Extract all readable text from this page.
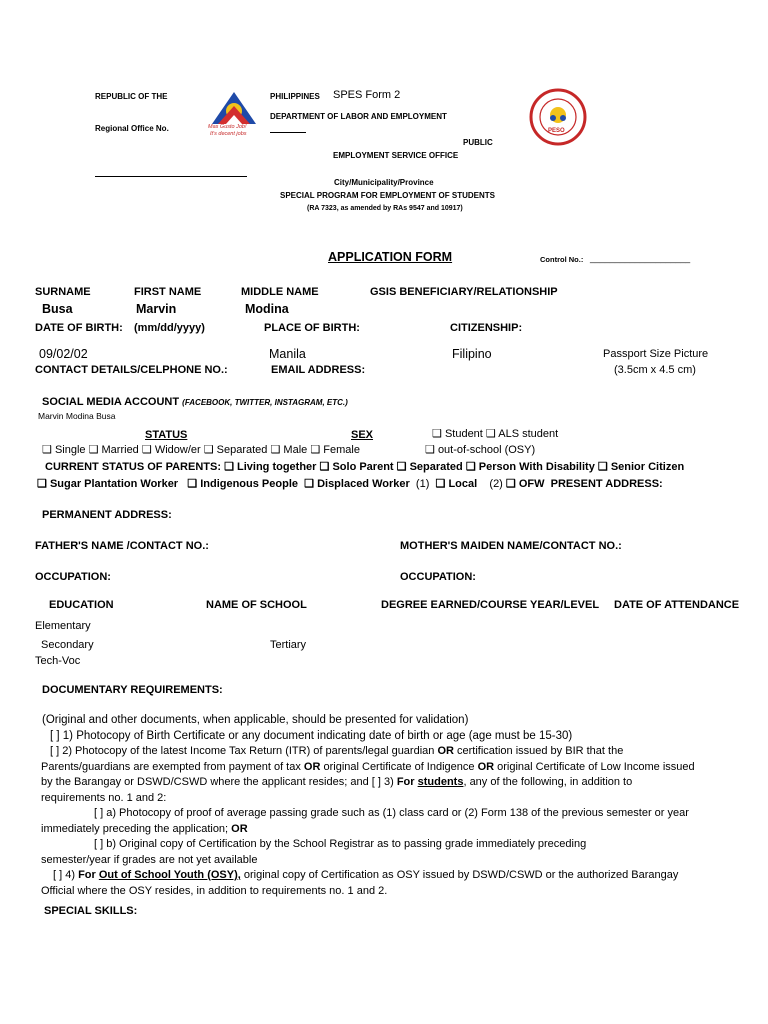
REPUBLIC OF THE
Regional Office No.	Mas Gusto Job!
It's decent jobs
PHILIPPINES SPES Form 2
DEPARTMENT OF LABOR AND EMPLOYMENT
PUBLIC
EMPLOYMENT SERVICE OFFICE
City/Municipality/Province
SPECIAL PROGRAM FOR EMPLOYMENT OF STUDENTS
(RA 7323, as amended by RAs 9547 and 10917)
PESO
APPLICATION FORM	Control No.: ____________________
SURNAME	FIRST NAME	MIDDLE NAME	GSIS BENEFICIARY/RELATIONSHIP
Busa	Marvin	Modina
DATE OF BIRTH: (mm/dd/yyyy)	PLACE OF BIRTH:	CITIZENSHIP:
09/02/02	Manila	Filipino	Passport Size Picture
(3.5cm x 4.5 cm)
CONTACT DETAILS/CELPHONE NO.:	EMAIL ADDRESS:
SOCIAL MEDIA ACCOUNT (FACEBOOK, TWITTER, INSTAGRAM, ETC.)
Marvin Modina Busa
STATUS	SEX	❑ Student ❑ ALS student
❑ Single ❑ Married ❑ Widow/er ❑ Separated ❑ Male ❑ Female	❑ out-of-school (OSY)
CURRENT STATUS OF PARENTS: ❑ Living together ❑ Solo Parent ❑ Separated ❑ Person With Disability ❑ Senior Citizen
❑ Sugar Plantation Worker ❑ Indigenous People ❑ Displaced Worker (1) ❑ Local (2) ❑ OFW PRESENT ADDRESS:
PERMANENT ADDRESS:
FATHER'S NAME /CONTACT NO.:	MOTHER'S MAIDEN NAME/CONTACT NO.:
OCCUPATION:	OCCUPATION:
EDUCATION	NAME OF SCHOOL	DEGREE EARNED/COURSE YEAR/LEVEL DATE OF ATTENDANCE
Elementary
Secondary	Tertiary
Tech-Voc
DOCUMENTARY REQUIREMENTS:
(Original and other documents, when applicable, should be presented for validation)
[ ] 1) Photocopy of Birth Certificate or any document indicating date of birth or age (age must be 15-30)
[ ] 2) Photocopy of the latest Income Tax Return (ITR) of parents/legal guardian OR certification issued by BIR that the Parents/guardians are exempted from payment of tax OR original Certificate of Indigence OR original Certificate of Low Income issued by the Barangay or DSWD/CSWD where the applicant resides; and [ ] 3) For students, any of the following, in addition to requirements no. 1 and 2:
[ ] a) Photocopy of proof of average passing grade such as (1) class card or (2) Form 138 of the previous semester or year immediately preceding the application; OR
[ ] b) Original copy of Certification by the School Registrar as to passing grade immediately preceding semester/year if grades are not yet available
[ ] 4) For Out of School Youth (OSY), original copy of Certification as OSY issued by DSWD/CSWD or the authorized Barangay Official where the OSY resides, in addition to requirements no. 1 and 2.
SPECIAL SKILLS:
